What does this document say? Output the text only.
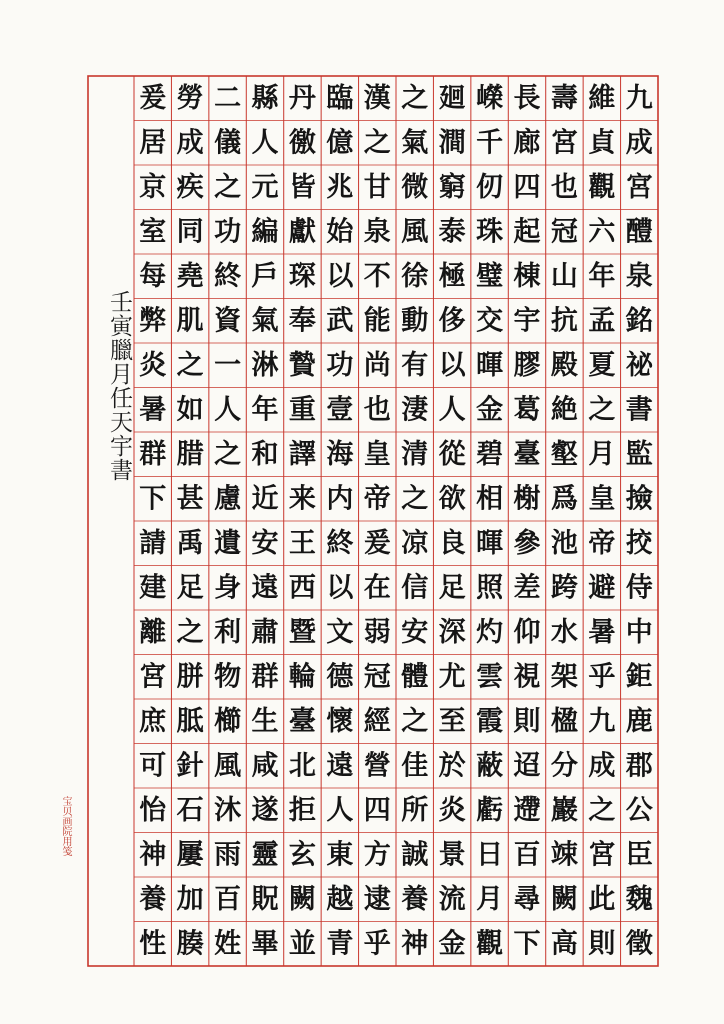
九
成
宮
醴
泉
銘
祕
書
監
撿
挍
侍
中
鉅
鹿
郡
公
臣
魏
徵
維
貞
觀
六
年
孟
夏
之
月
皇
帝
避
暑
乎
九
成
之
宮
此
則
壽
宮
也
冠
山
抗
殿
絶
壑
爲
池
跨
水
架
楹
分
巖
竦
闕
高
長
廊
四
起
棟
宇
膠
葛
臺
榭
參
差
仰
視
則
迢
遰
百
尋
下
嶸
千
仞
珠
璧
交
暉
金
碧
相
暉
照
灼
雲
霞
蔽
虧
日
月
觀
廻
澗
窮
泰
極
侈
以
人
從
欲
良
足
深
尤
至
於
炎
景
流
金
之
氣
微
風
徐
動
有
淒
清
之
凉
信
安
體
之
佳
所
誠
養
神
漢
之
甘
泉
不
能
尚
也
皇
帝
爰
在
弱
冠
經
營
四
方
逮
乎
臨
億
兆
始
以
武
功
壹
海
内
終
以
文
德
懷
遠
人
東
越
青
丹
徼
皆
獻
琛
奉
贄
重
譯
来
王
西
暨
輪
臺
北
拒
玄
闕
並
縣
人
元
編
戶
氣
淋
年
和
近
安
遠
肅
群
生
咸
遂
靈
貺
畢
二
儀
之
功
終
資
一
人
之
慮
遺
身
利
物
櫛
風
沐
雨
百
姓
勞
成
疾
同
堯
肌
之
如
腊
甚
禹
足
之
胼
胝
針
石
屢
加
腠
爰
居
京
室
每
弊
炎
暑
群
下
請
建
離
宮
庶
可
怡
神
養
性
壬寅臘月任天宇書
宝贝画院用笺
